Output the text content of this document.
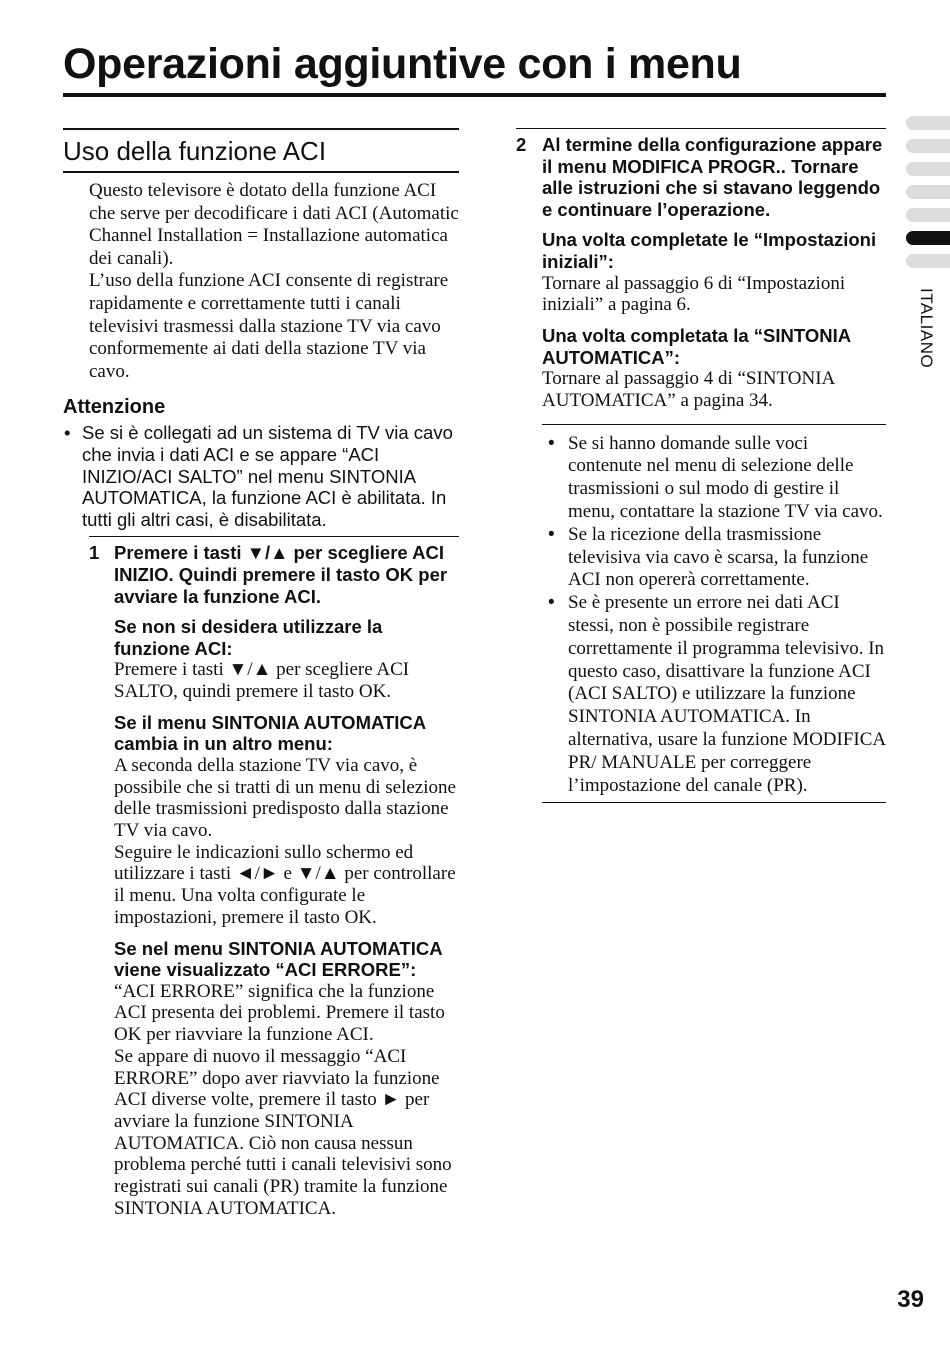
Operazioni aggiuntive con i menu
ITALIANO
Uso della funzione ACI

Questo televisore è dotato della funzione ACI che serve per decodificare i dati ACI (Automatic Channel Installation = Installazione automatica dei canali).

L’uso della funzione ACI consente di registrare rapidamente e correttamente tutti i canali televisivi trasmessi dalla stazione TV via cavo conformemente ai dati della stazione TV via cavo.

Attenzione
• Se si è collegati ad un sistema di TV via cavo che invia i dati ACI e se appare “ACI INIZIO/ACI SALTO” nel menu SINTONIA AUTOMATICA, la funzione ACI è abilitata. In tutti gli altri casi, è disabilitata.
1 Premere i tasti ▼/▲ per scegliere ACI INIZIO. Quindi premere il tasto OK per avviare la funzione ACI.

Se non si desidera utilizzare la funzione ACI:

Premere i tasti ▼/▲ per scegliere ACI SALTO, quindi premere il tasto OK.

Se il menu SINTONIA AUTOMATICA cambia in un altro menu:

A seconda della stazione TV via cavo, è possibile che si tratti di un menu di selezione delle trasmissioni predisposto dalla stazione TV via cavo.

Seguire le indicazioni sullo schermo ed utilizzare i tasti ◄/► e ▼/▲ per controllare il menu. Una volta configurate le impostazioni, premere il tasto OK.

Se nel menu SINTONIA AUTOMATICA viene visualizzato “ACI ERRORE”:

“ACI ERRORE” significa che la funzione ACI presenta dei problemi. Premere il tasto OK per riavviare la funzione ACI.

Se appare di nuovo il messaggio “ACI ERRORE” dopo aver riavviato la funzione ACI diverse volte, premere il tasto ► per avviare la funzione SINTONIA AUTOMATICA. Ciò non causa nessun problema perché tutti i canali televisivi sono registrati sui canali (PR) tramite la funzione SINTONIA AUTOMATICA.

2 Al termine della configurazione appare il menu MODIFICA PROGR.. Tornare alle istruzioni che si stavano leggendo e continuare l’operazione.

Una volta completate le “Impostazioni iniziali”:

Tornare al passaggio 6 di “Impostazioni iniziali” a pagina 6.

Una volta completata la “SINTONIA AUTOMATICA”:

Tornare al passaggio 4 di “SINTONIA AUTOMATICA” a pagina 34.

• Se si hanno domande sulle voci contenute nel menu di selezione delle trasmissioni o sul modo di gestire il menu, contattare la stazione TV via cavo.
• Se la ricezione della trasmissione televisiva via cavo è scarsa, la funzione ACI non opererà correttamente.
• Se è presente un errore nei dati ACI stessi, non è possibile registrare correttamente il programma televisivo. In questo caso, disattivare la funzione ACI (ACI SALTO) e utilizzare la funzione SINTONIA AUTOMATICA. In alternativa, usare la funzione MODIFICA PR/ MANUALE per correggere l’impostazione del canale (PR).
39
